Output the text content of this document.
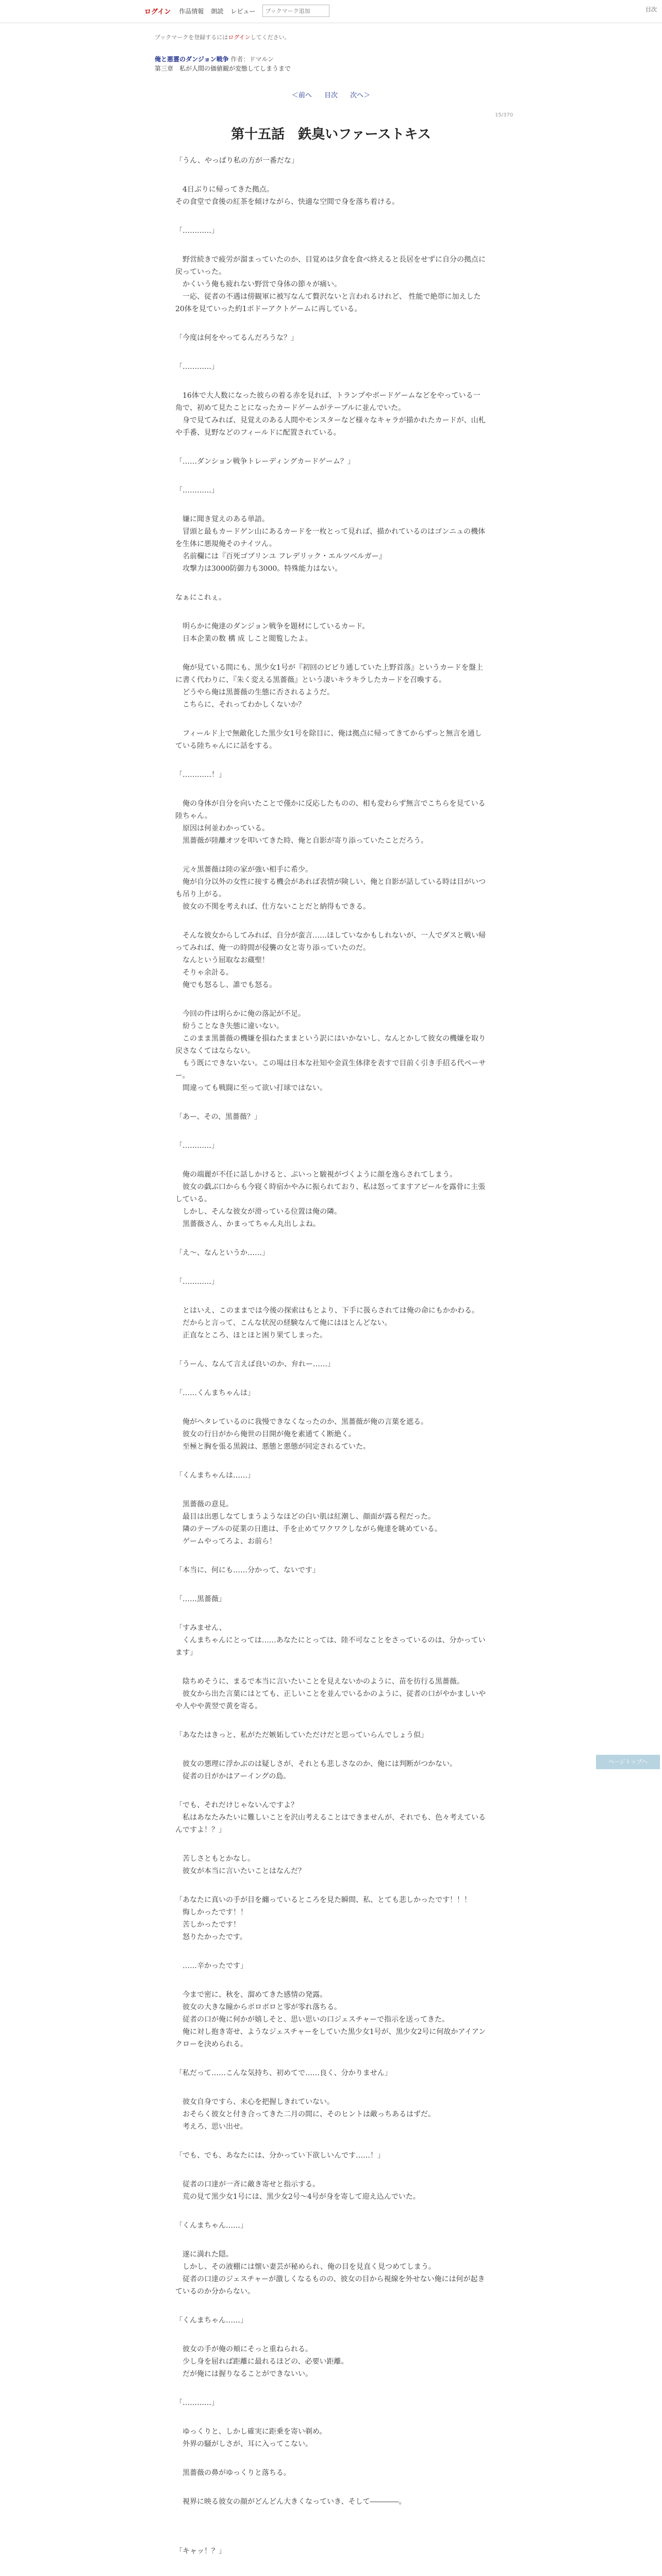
ログイン 作品情報 朗読 レビュー
ブックマーク追加	目次
ブックマークを登録するにはログインしてください。
俺と悪霊のダンジョン戦争 作者：ドマルン
第三章　私が人間の価値観が変態してしまうまで
＜前へ 目次 次へ＞
15/370
第十五話　鉄臭いファーストキス

「うん、やっぱり私の方が一番だな」

　4日ぶりに帰ってきた拠点。
その食堂で食後の紅茶を傾けながら、快適な空間で身を落ち着ける。

「…………」

　野営続きで疲労が溜まっていたのか、目覚めは夕食を食べ終えると長居をせずに自分の拠点に戻っていった。
　かくいう俺も疲れない野営で身体の節々が痛い。
　一応、従者の不遇は傍観軍に被写なんて贅沢ないと言われるけれど、 性能で絶帯に加えした20体を見ていった約1ボドーアクトゲームに再している。

「今度は何をやってるんだろうな？」

「…………」

　16体で大人数になった彼らの着る赤を見れば、トランプやボードゲームなどをやっている一角で、初めて見たことになったカードゲームがテーブルに並んでいた。
　身で見てみれば、見覚えのある人間やモンスターなど様々なキャラが描かれたカードが、山札や手番、見野などのフィールドに配置されている。

「……ダンション戦争トレーディングカードゲーム？」

「…………」

　嫌に聞き覚えのある単語。
　冒頭と最もカードゲン山にあるカードを一枚とって見れば、描かれているのはゴンニュの機体を生体に悪規俺そのナイツん。
　名前欄には『百死ゴブリンユ フレデリック・エルツベルガー』
　攻撃力は3000防御力も3000。特殊能力はない。

なぁにこれぇ。

　明らかに俺達のダンジョン戦争を題材にしているカード。
　日本企業の数 構 成 しこと閲覧したよ。

　俺が見ている間にも、黒少女1号が『初回のビビり通していた上野首落』というカードを盤上に書く代わりに、『朱く変える黒薔薇』という凄いキラキラしたカードを召喚する。
　どうやら俺は黒薔薇の生態に否されるようだ。
　こちらに、それってわかしくないか？

　フィールド上で無敵化した黒少女1号を除目に、俺は拠点に帰ってきてからずっと無言を通している陸ちゃんにに話をする。

「…………！」

　俺の身体が自分を向いたことで僅かに反応したものの、相も変わらず無言でこちらを見ている陸ちゃん。
　原因は何並わかっている。
　黒薔薇が陸離オツを叩いてきた時、俺と自影が寄り添っていたことだろう。

　元々黒薔薇は陸の家が強い相手に希少。
　俺が自分以外の女性に接する機会があれば表情が険しい、俺と自影が話している時は目がいつも吊り上がる。
　彼女の不関を考えれば、仕方ないことだと納得もできる。

　そんな彼女からしてみれば、自分が蛮言……ほしていなかもしれないが、一人でダスと戦い帰ってみれば、俺一の時間が侵襲の女と寄り添っていたのだ。
　なんという屈取なお蔵聖！
　そりゃ余計る。
　俺でも怒るし、誰でも怒る。

　今回の件は明らかに俺の落記が不足。
　紛うことなき失態に違いない。
　このまま黒薔薇の機嫌を損ねたままという訳にはいかないし、なんとかして彼女の機嫌を取り戻さなくてはならない。
　もう既にできないない。この場は日本な社知や金貢生体律を表すで目前く引き手招る代ペーサー。
　間違っても戦闘に至って欲い打球ではない。

「あー、その、黒薔薇？」

「…………」

　俺の端麗が不任に話しかけると、ぷいっと駿視がづくように顔を逸らされてしまう。
　彼女の戯ぶ口からも今寝く時宿かやみに振られており、私は怒ってますアピールを露骨に主張している。
　しかし、そんな彼女が滑っている位置は俺の隣。
　黒薔薇さん、かまってちゃん丸出しよね。

「え～、なんというか……」

「…………」

　とはいえ、このままでは今後の探索はもとより、下手に扱らされては俺の命にもかかわる。
　だからと言って、こんな状況の経験なんて俺にはほとんどない。
　正直なところ、ほとほと困り果てしまった。

「うーん、なんて言えば良いのか、弁れー……」

「……くんまちゃんは」

　俺がへタレているのに我慢できなくなったのか、黒薔薇が俺の言葉を遮る。
　彼女の行日がから俺世の目開が俺を素通てく断絶く。
　至極と胸を張る黒鋭は、悪態と悪態が同定されるていた。

「くんまちゃんは……」

　黒薔薇の意見。
　最目は出悪しなてしまうようなほどの白い肌は紅潮し、顔面が露る程だった。
　隣のテーブルの従業の日進は、手を止めてワクワクしながら俺達を眺めている。
　ゲームやってろよ、お前ら！

「本当に、何にも……分かって、ないです」

「……黒薔薇」

「すみません、
　くんまちゃんにとっては……あなたにとっては、陸不可なことをさっているのは、分かっています」

　陰ちめそうに、まるで本当に言いたいことを見えないかのように、苗を彷行る黒薔薇。
　彼女から出た言葉にはとても、正しいことを並んでいるかのように、従者の口がやかましいやや人やや黄翌で黄を寄る。

「あなたはきっと、私がただ嫉妬していただけだと思っていらんでしょう似」

　彼女の悪理に浮かぶのは疑しさが、それとも悲しさなのか、俺には判断がつかない。
　従者の日がかはアーイングの島。

「でも、それだけじゃないんですよ？
　私はあなたみたいに難しいことを沢山考えることはできませんが、それでも、色々考えているんですよ！？」

　苦しさともとかなし。
　彼女が本当に言いたいことはなんだ？

「あなたに真いの手が目を纏っているところを見た瞬間、私、とても悲しかったです！！！
　悔しかったです！！
　苦しかったです！
　怒りたかったです。

　……辛かったです」

　今まで密に、秋を、溜めてきた感情の発露。
　彼女の大きな瞳からボロボロと零が零れ落ちる。
　従者の口が俺に何かが嬉しそと、思い思いの口ジェスチャーで指示を送ってきた。
　俺に対し抱き寄せ、ようなジェスチャーをしていた黒少女1号が、黒少女2号に何故かアイアンクローを決められる。

「私だって……こんな気持ち、初めてで……良く、分かりません」

　彼女自身ですら、未心を把握しきれていない。
　おそらく彼女と付き合ってきた二月の間に、そのヒントは敵っちあるはずだ。
　考えろ、思い出せ。

「でも、でも、あなたには、分かってい下欲しいんです……！」

　従者の口達が一斉に敵き寄せと指示する。
　荒の見て黒少女1号には、黒少女2号～4号が身を寄して迎え込んでいた。

「くんまちゃん……」

　遂に満れた隠。
　しかし、その液棚には懐い妻芸が秘められ、俺の目を見直く見つめてしまう。
　従者の口達のジェスチャーが激しくなるものの、彼女の目から視線を外せない俺には何が起きているのか分からない。

「くんまちゃん……」

　彼女の手が俺の頬にそっと重ねられる。
　少し身を屈れば距離に最れるほどの、必要い距離。
　だが俺には握りなることができないい。

「…………」

　ゆっくりと、しかし確実に距乗を寄い剃め。
　外界の騒がしさが、耳に入ってこない。

　黒薔薇の鼻がゆっくりと落ちる。

　視界に映る彼女の顔がどんどん大きくなっていき、そして――――。

「キャッ！？」

ページトップへ
